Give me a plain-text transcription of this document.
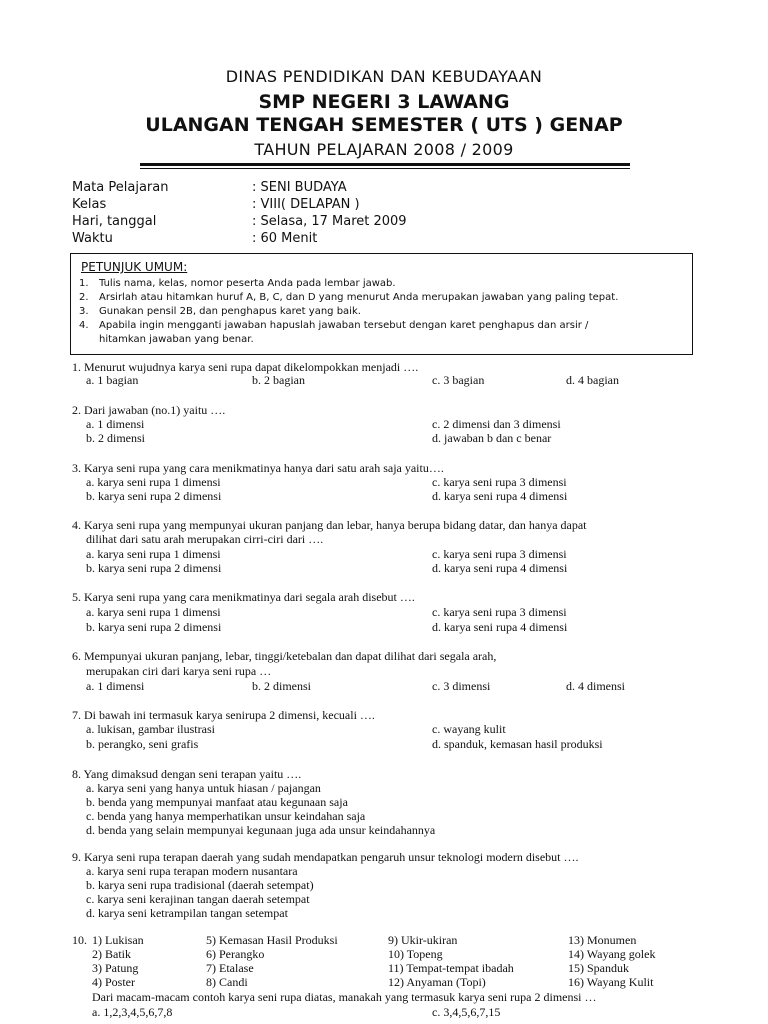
DINAS PENDIDIKAN DAN KEBUDAYAAN
SMP NEGERI 3 LAWANG
ULANGAN TENGAH SEMESTER ( UTS ) GENAP
TAHUN PELAJARAN 2008 / 2009
Mata Pelajaran	: SENI BUDAYA
Kelas	: VIII( DELAPAN )
Hari, tanggal	: Selasa, 17 Maret 2009
Waktu	: 60 Menit
PETUNJUK UMUM:
1. Tulis nama, kelas, nomor peserta Anda pada lembar jawab.
2. Arsirlah atau hitamkan huruf A, B, C, dan D yang menurut Anda merupakan jawaban yang paling tepat.
3. Gunakan pensil 2B, dan penghapus karet yang baik.
4. Apabila ingin mengganti jawaban hapuslah jawaban tersebut dengan karet penghapus dan arsir /
hitamkan jawaban yang benar.
1. Menurut wujudnya karya seni rupa dapat dikelompokkan menjadi ….
a. 1 bagian	b. 2 bagian	c. 3 bagian	d. 4 bagian
2. Dari jawaban (no.1) yaitu ….
a. 1 dimensi
b. 2 dimensi
c. 2 dimensi dan 3 dimensi
d. jawaban b dan c benar
3. Karya seni rupa yang cara menikmatinya hanya dari satu arah saja yaitu….
a. karya seni rupa 1 dimensi
b. karya seni rupa 2 dimensi
c. karya seni rupa 3 dimensi
d. karya seni rupa 4 dimensi
4. Karya seni rupa yang mempunyai ukuran panjang dan lebar, hanya berupa bidang datar, dan hanya dapat
dilihat dari satu arah merupakan cirri-ciri dari ….
a. karya seni rupa 1 dimensi
b. karya seni rupa 2 dimensi
c. karya seni rupa 3 dimensi
d. karya seni rupa 4 dimensi
5. Karya seni rupa yang cara menikmatinya dari segala arah disebut ….
a. karya seni rupa 1 dimensi
b. karya seni rupa 2 dimensi
c. karya seni rupa 3 dimensi
d. karya seni rupa 4 dimensi
6. Mempunyai ukuran panjang, lebar, tinggi/ketebalan dan dapat dilihat dari segala arah,
merupakan ciri dari karya seni rupa …
a. 1 dimensi	b. 2 dimensi	c. 3 dimensi	d. 4 dimensi
7. Di bawah ini termasuk karya senirupa 2 dimensi, kecuali ….
a. lukisan, gambar ilustrasi
b. perangko, seni grafis
c. wayang kulit
d. spanduk, kemasan hasil produksi
8. Yang dimaksud dengan seni terapan yaitu ….
a. karya seni yang hanya untuk hiasan / pajangan
b. benda yang mempunyai manfaat atau kegunaan saja
c. benda yang hanya memperhatikan unsur keindahan saja
d. benda yang selain mempunyai kegunaan juga ada unsur keindahannya
9. Karya seni rupa terapan daerah yang sudah mendapatkan pengaruh unsur teknologi modern disebut ….
a. karya seni rupa terapan modern nusantara
b. karya seni rupa tradisional (daerah setempat)
c. karya seni kerajinan tangan daerah setempat
d. karya seni ketrampilan tangan setempat
10. 1) Lukisan	5) Kemasan Hasil Produksi	9) Ukir-ukiran	13) Monumen
2) Batik	6) Perangko	10) Topeng	14) Wayang golek
3) Patung	7) Etalase	11) Tempat-tempat ibadah	15) Spanduk
4) Poster	8) Candi	12) Anyaman (Topi)	16) Wayang Kulit
Dari macam-macam contoh karya seni rupa diatas, manakah yang termasuk karya seni rupa 2 dimensi …
a. 1,2,3,4,5,6,7,8	c. 3,4,5,6,7,15
